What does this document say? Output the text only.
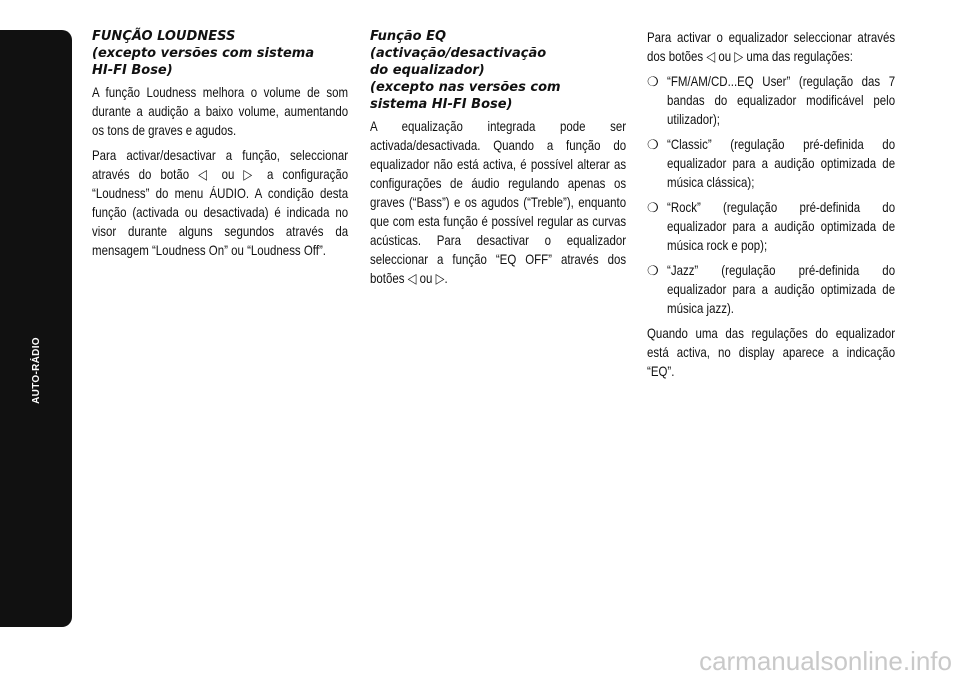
AUTO-RÁDIO
260
FUNÇÃO LOUDNESS
(excepto versões com sistema
HI-FI Bose)

A função Loudness melhora o volume de som durante a audição a baixo volume, aumentando os tons de graves e agudos.

Para activar/desactivar a função, seleccionar através do botão ◁ ou ▷ a configuração “Loudness” do menu ÁUDIO. A condição desta função (activada ou desactivada) é indicada no visor durante alguns segundos através da mensagem “Loudness On” ou “Loudness Off”.

Função EQ
(activação/desactivação
do equalizador)
(excepto nas versões com
sistema HI-FI Bose)

A equalização integrada pode ser activada/desactivada. Quando a função do equalizador não está activa, é possível alterar as configurações de áudio regulando apenas os graves (“Bass”) e os agudos (“Treble”), enquanto que com esta função é possível regular as curvas acústicas. Para desactivar o equalizador seleccionar a função “EQ OFF” através dos botões ◁ ou ▷.

Para activar o equalizador seleccionar através dos botões ◁ ou ▷ uma das regulações:

❍ “FM/AM/CD...EQ User” (regulação das 7 bandas do equalizador modificável pelo utilizador);
❍ “Classic” (regulação pré-definida do equalizador para a audição optimizada de música clássica);
❍ “Rock” (regulação pré-definida do equalizador para a audição optimizada de música rock e pop);
❍ “Jazz” (regulação pré-definida do equalizador para a audição optimizada de música jazz).

Quando uma das regulações do equalizador está activa, no display aparece a indicação “EQ”.

carmanualsonline.info
